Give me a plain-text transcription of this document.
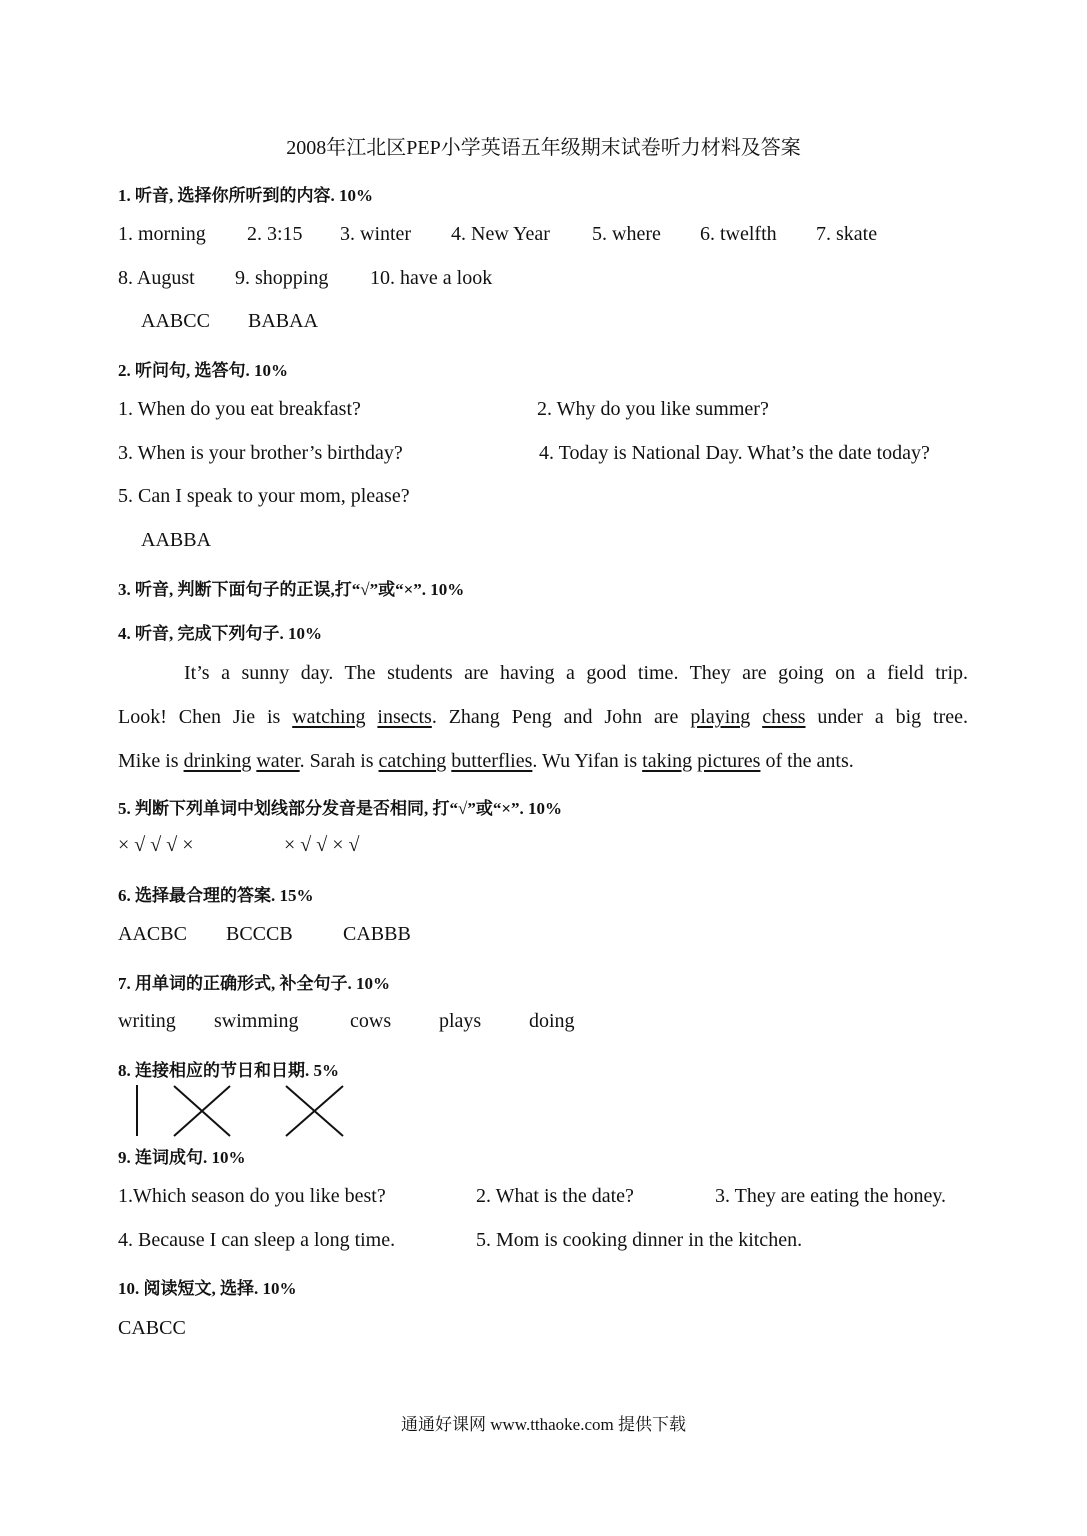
2008年江北区PEP小学英语五年级期末试卷听力材料及答案
1. 听音, 选择你所听到的内容. 10%
1. morning 2. 3:15 3. winter 4. New Year 5. where 6. twelfth 7. skate
8. August 9. shopping 10. have a look
AABCC BABAA
2. 听问句, 选答句. 10%
1. When do you eat breakfast?	2. Why do you like summer?
3. When is your brother’s birthday?	4. Today is National Day. What’s the date today?
5. Can I speak to your mom, please?
AABBA
3. 听音, 判断下面句子的正误,打“√”或“×”. 10%
4. 听音, 完成下列句子. 10%
It’s a sunny day. The students are having a good time. They are going on a field trip.
Look! Chen Jie is watching insects. Zhang Peng and John are playing chess under a big tree.
Mike is drinking water. Sarah is catching butterflies. Wu Yifan is taking pictures of the ants.
5. 判断下列单词中划线部分发音是否相同, 打“√”或“×”. 10%
× √ √ √ ×	× √ √ × √
6. 选择最合理的答案. 15%
AACBC BCCCB	CABBB
7. 用单词的正确形式, 补全句子. 10%
writing swimming	cows plays doing
8. 连接相应的节日和日期. 5%
9. 连词成句. 10%
1.Which season do you like best?	2. What is the date?	3. They are eating the honey.
4. Because I can sleep a long time.	5. Mom is cooking dinner in the kitchen.
10. 阅读短文, 选择. 10%
CABCC
通通好课网 www.tthaoke.com 提供下载
